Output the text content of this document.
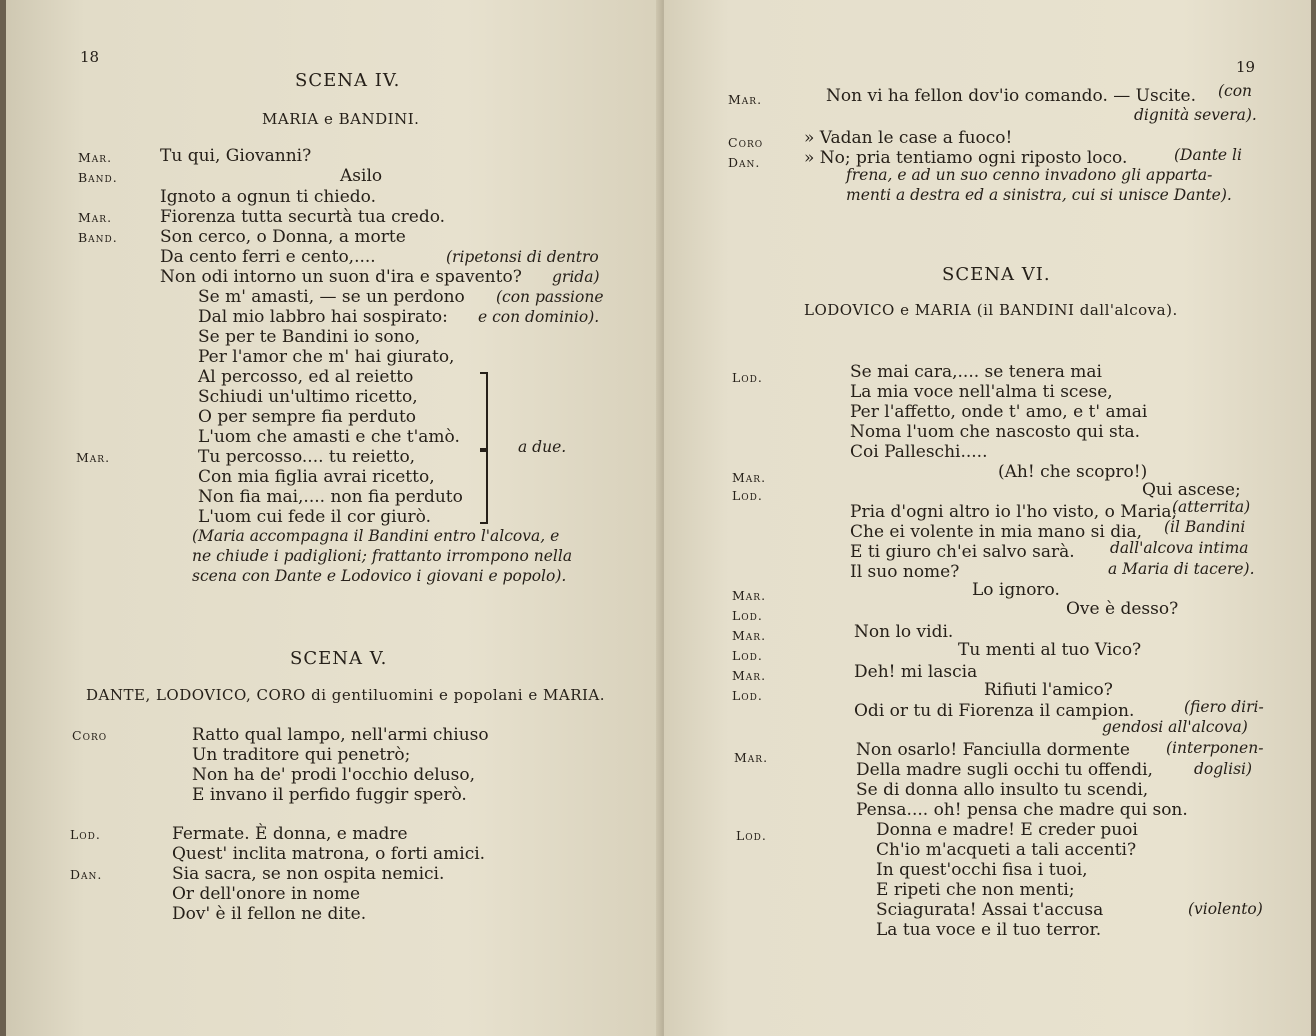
18
SCENA IV.
MARIA e BANDINI.
Mar.	Tu qui, Giovanni?
Band.	Asilo
Ignoto a ognun ti chiedo.
Mar.	Fiorenza tutta securtà tua credo.
Band. Son cerco, o Donna, a morte
Da cento ferri e cento,....	(ripetonsi di dentro
Non odi intorno un suon d'ira e spavento? grida)
Se m' amasti, — se un perdono (con passione
Dal mio labbro hai sospirato: e con dominio).
Se per te Bandini io sono,
Per l'amor che m' hai giurato,
Al percosso, ed al reietto
Schiudi un'ultimo ricetto,
O per sempre fia perduto
L'uom che amasti e che t'amò.
Mar.	Tu percosso.... tu reietto,
Con mia figlia avrai ricetto,
Non fia mai,.... non fia perduto
L'uom cui fede il cor giurò.
a due.
(Maria accompagna il Bandini entro l'alcova, e
ne chiude i padiglioni; frattanto irrompono nella
scena con Dante e Lodovico i giovani e popolo).
SCENA V.
DANTE, LODOVICO, CORO di gentiluomini e popolani e MARIA.
Coro	Ratto qual lampo, nell'armi chiuso
Un traditore qui penetrò;
Non ha de' prodi l'occhio deluso,
E invano il perfido fuggir sperò.
Lod.	Fermate. È donna, e madre
Quest' inclita matrona, o forti amici.
Dan.	Sia sacra, se non ospita nemici.
Or dell'onore in nome
Dov' è il fellon ne dite.
19
Mar.	Non vi ha fellon dov'io comando. — Uscite. (con
dignità severa).
Coro » Vadan le case a fuoco!
Dan.	» No; pria tentiamo ogni riposto loco.	(Dante li
frena, e ad un suo cenno invadono gli apparta-
menti a destra ed a sinistra, cui si unisce Dante).
SCENA VI.
LODOVICO e MARIA (il BANDINI dall'alcova).
Lod.	Se mai cara,.... se tenera mai
La mia voce nell'alma ti scese,
Per l'affetto, onde t' amo, e t' amai
Noma l'uom che nascosto qui sta.
Coi Palleschi.....
Mar.	(Ah! che scopro!)
Lod.	Qui ascese;
Pria d'ogni altro io l'ho visto, o Maria;
(atterrita)
Che ei volente in mia mano si dia, (il Bandini
E ti giuro ch'ei salvo sarà. dall'alcova intima
Il suo nome?	a Maria di tacere).
Mar.	Lo ignoro.
Lod.	Ove è desso?
Mar.	Non lo vidi.
Lod.	Tu menti al tuo Vico?
Mar.	Deh! mi lascia
Lod.	Rifiuti l'amico?
Odi or tu di Fiorenza il campion.	(fiero diri-
gendosi all'alcova)
Mar.	Non osarlo! Fanciulla dormente (interponen-
Della madre sugli occhi tu offendi,	doglisi)
Se di donna allo insulto tu scendi,
Pensa.... oh! pensa che madre qui son.
Lod.	Donna e madre! E creder puoi
Ch'io m'acqueti a tali accenti?
In quest'occhi fisa i tuoi,
E ripeti che non menti;
Sciagurata! Assai t'accusa	(violento)
La tua voce e il tuo terror.
